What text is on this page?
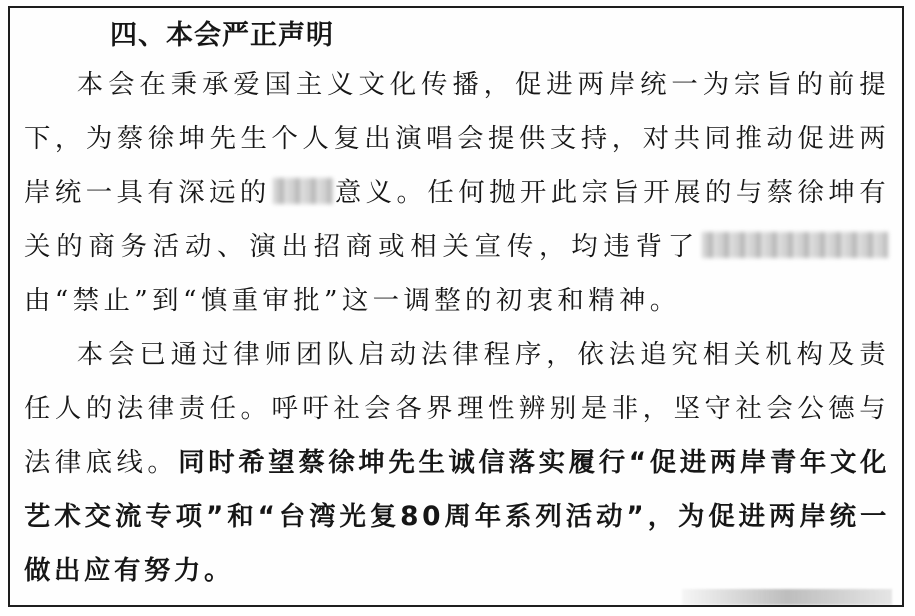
四、本会严正声明

本会在秉承爱国主义文化传播，促进两岸统一为宗旨的前提下，为蔡徐坤先生个人复出演唱会提供支持，对共同推动促进两岸统一具有深远的 意义。任何抛开此宗旨开展的与蔡徐坤有关的商务活动、演出招商或相关宣传，均违背了由“禁止”到“慎重审批”这一调整的初衷和精神。

本会已通过律师团队启动法律程序，依法追究相关机构及责任人的法律责任。呼吁社会各界理性辨别是非，坚守社会公德与法律底线。同时希望蔡徐坤先生诚信落实履行“促进两岸青年文化艺术交流专项”和“台湾光复80周年系列活动”，为促进两岸统一做出应有努力。
